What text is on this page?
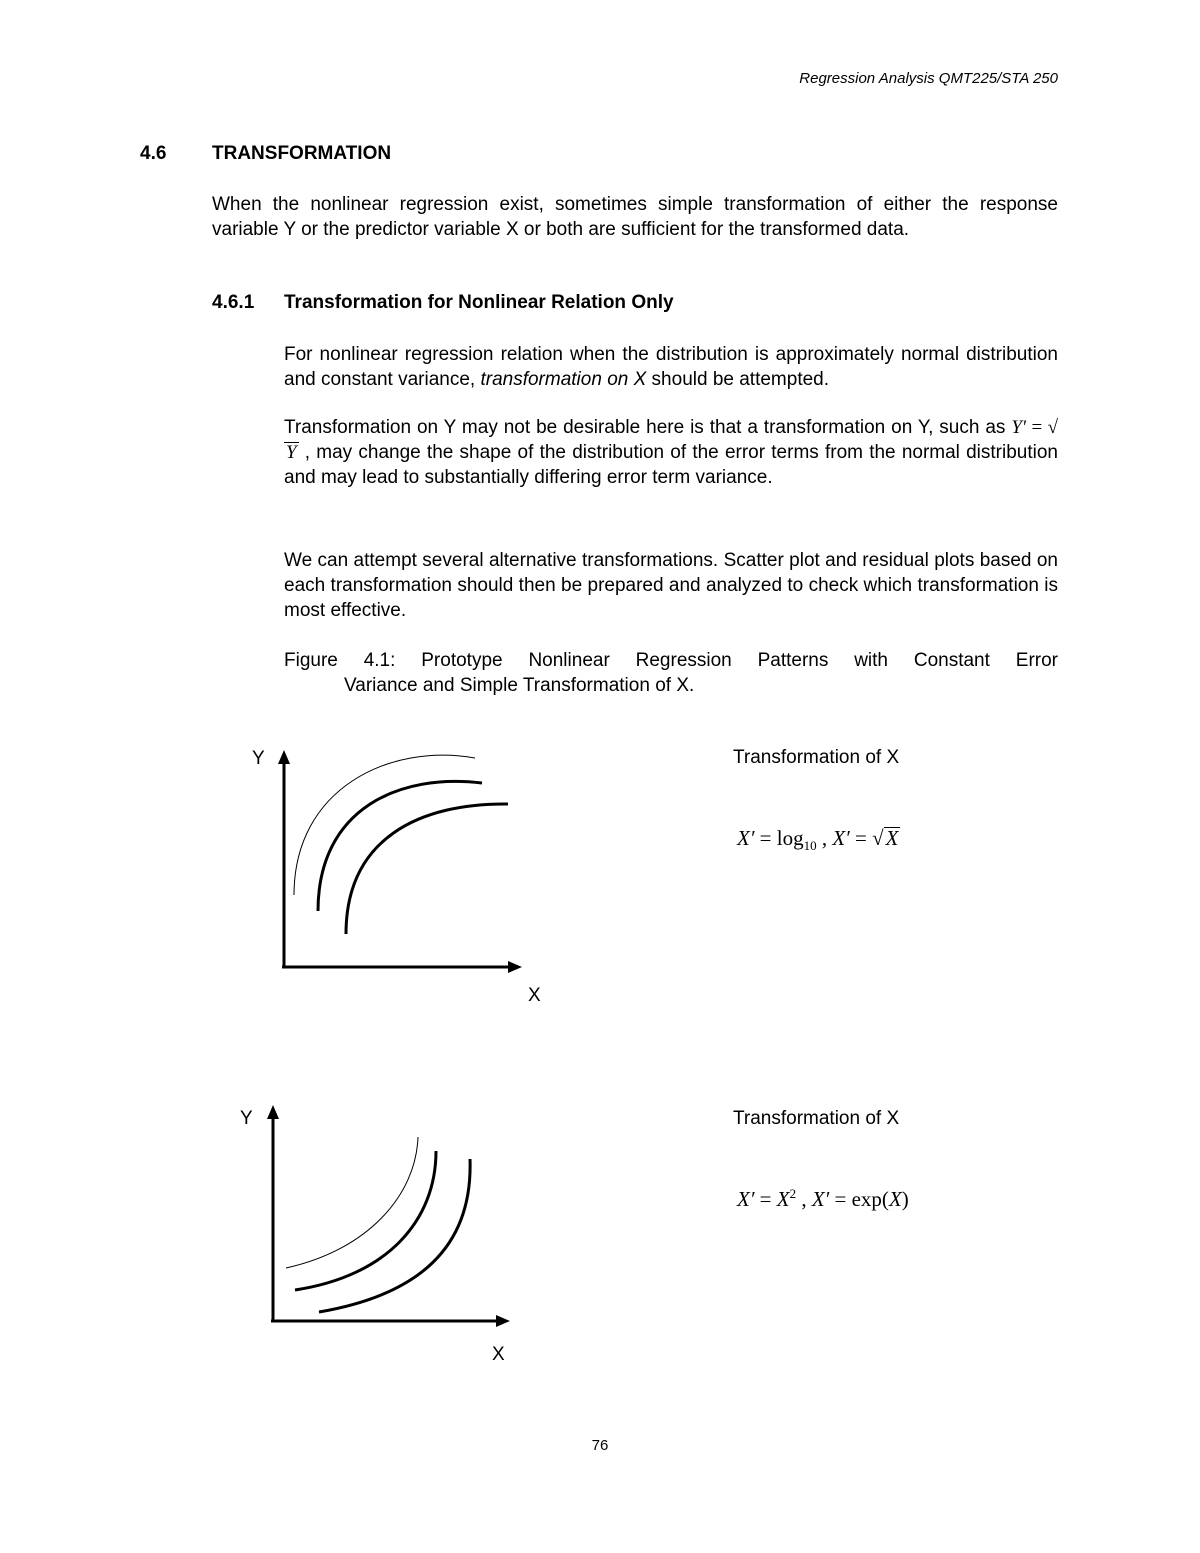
Regression Analysis QMT225/STA 250
4.6 TRANSFORMATION
When the nonlinear regression exist, sometimes simple transformation of either the response variable Y or the predictor variable X or both are sufficient for the transformed data.
4.6.1 Transformation for Nonlinear Relation Only
For nonlinear regression relation when the distribution is approximately normal distribution and constant variance, transformation on X should be attempted.
Transformation on Y may not be desirable here is that a transformation on Y, such as Y′ = √Y , may change the shape of the distribution of the error terms from the normal distribution and may lead to substantially differing error term variance.
We can attempt several alternative transformations. Scatter plot and residual plots based on each transformation should then be prepared and analyzed to check which transformation is most effective.
Figure 4.1: Prototype Nonlinear Regression Patterns with Constant Error
Variance and Simple Transformation of X.
Y
X
Transformation of X
$X' = \log_{10}$ , X′ = √X
Y
X
Transformation of X
$X' = X^2$ , X′ = exp(X)
76
